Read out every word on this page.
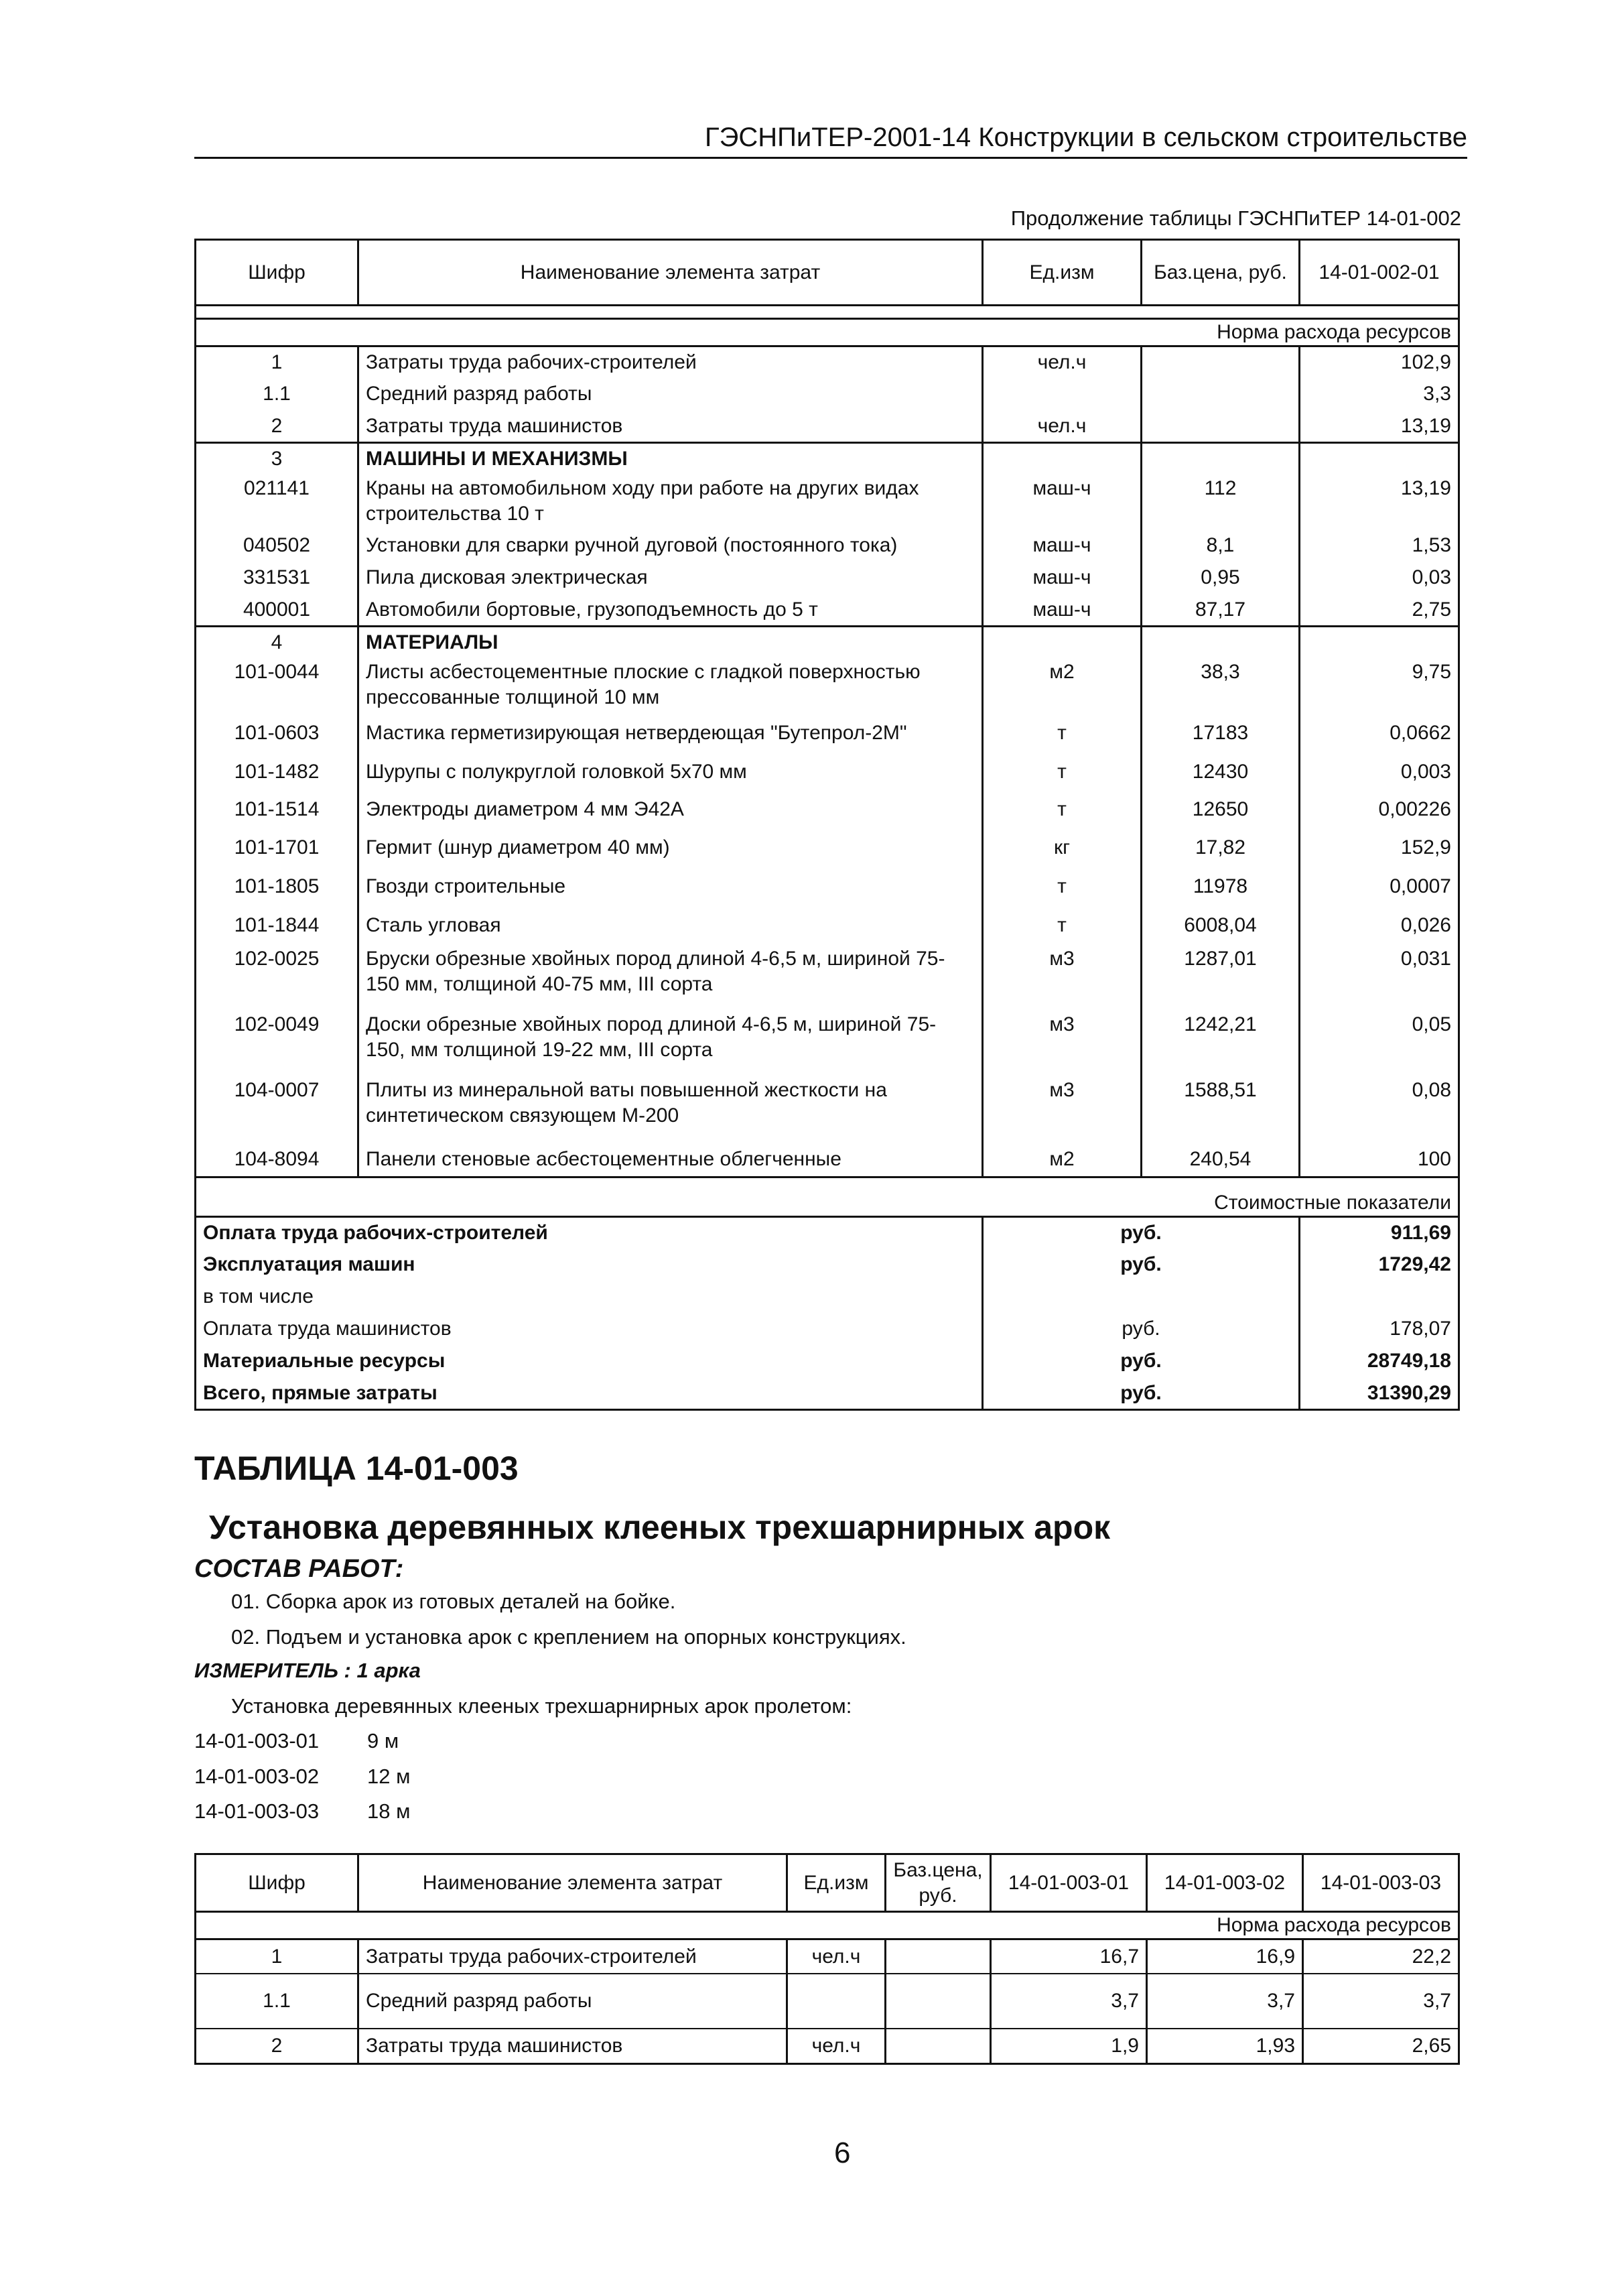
ГЭСНПиТЕР-2001-14 Конструкции в сельском строительстве
Продолжение таблицы ГЭСНПиТЕР 14-01-002
Шифр	Наименование элемента затрат	Ед.изм	Баз.цена, руб.	14-01-002-01

Норма расхода ресурсов				
1	Затраты труда рабочих-строителей	чел.ч		102,9
1.1	Средний разряд работы			3,3
2	Затраты труда машинистов	чел.ч		13,19
3	МАШИНЫ И МЕХАНИЗМЫ			
021141	Краны на автомобильном ходу при работе на других видах строительства 10 т	маш-ч	112	13,19
040502	Установки для сварки ручной дуговой (постоянного тока)	маш-ч	8,1	1,53
331531	Пила дисковая электрическая	маш-ч	0,95	0,03
400001	Автомобили бортовые, грузоподъемность до 5 т	маш-ч	87,17	2,75
4	МАТЕРИАЛЫ			
101-0044	Листы асбестоцементные плоские с гладкой поверхностью прессованные толщиной 10 мм	м2	38,3	9,75
101-0603	Мастика герметизирующая нетвердеющая "Бутепрол-2М"	т	17183	0,0662
101-1482	Шурупы с полукруглой головкой 5х70 мм	т	12430	0,003
101-1514	Электроды диаметром 4 мм Э42А	т	12650	0,00226
101-1701	Гермит (шнур диаметром 40 мм)	кг	17,82	152,9
101-1805	Гвозди строительные	т	11978	0,0007
101-1844	Сталь угловая	т	6008,04	0,026
102-0025	Бруски обрезные хвойных пород длиной 4-6,5 м, шириной 75-150 мм, толщиной 40-75 мм, III сорта	м3	1287,01	0,031
102-0049	Доски обрезные хвойных пород длиной 4-6,5 м, шириной 75-150, мм толщиной 19-22 мм, III сорта	м3	1242,21	0,05
104-0007	Плиты из минеральной ваты повышенной жесткости на синтетическом связующем М-200	м3	1588,51	0,08
104-8094	Панели стеновые асбестоцементные облегченные	м2	240,54	100

Стоимостные показатели				
Оплата труда рабочих-строителей		руб.		911,69
Эксплуатация машин		руб.		1729,42
в том числе				
Оплата труда машинистов		руб.		178,07
Материальные ресурсы		руб.		28749,18
Всего, прямые затраты		руб.		31390,29
ТАБЛИЦА 14-01-003
Установка деревянных клееных трехшарнирных арок
СОСТАВ РАБОТ:
01. Сборка арок из готовых деталей на бойке.
02. Подъем и установка арок с креплением на опорных конструкциях.
ИЗМЕРИТЕЛЬ : 1 арка
Установка деревянных клееных трехшарнирных арок пролетом:
14-01-003-01 9 м
14-01-003-02 12 м
14-01-003-03 18 м
Шифр	Наименование элемента затрат	Ед.изм	Баз.цена, руб.	14-01-003-01	14-01-003-02	14-01-003-03
Норма расхода ресурсов						
1	Затраты труда рабочих-строителей	чел.ч		16,7	16,9	22,2
1.1	Средний разряд работы			3,7	3,7	3,7
2	Затраты труда машинистов	чел.ч		1,9	1,93	2,65
6
